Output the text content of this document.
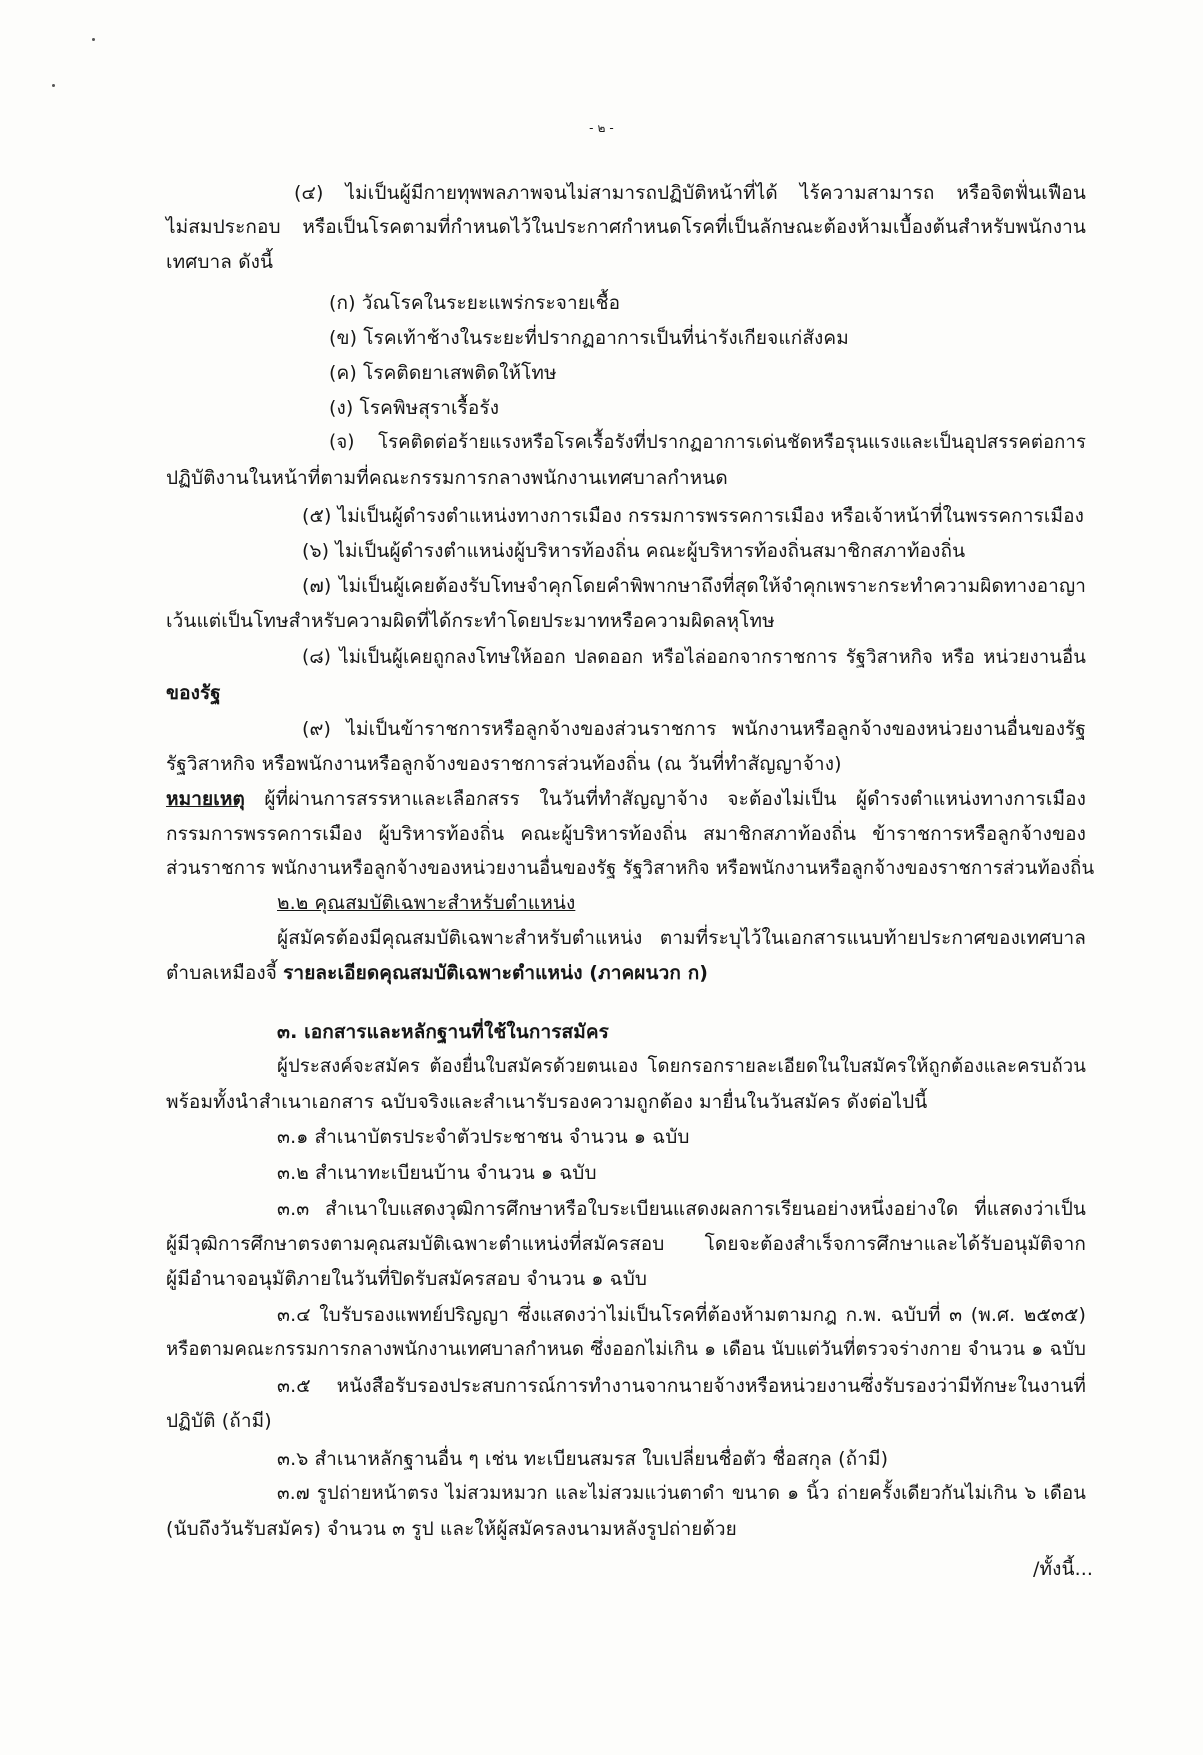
- ๒ -
(๔) ไม่เป็นผู้มีกายทุพพลภาพจนไม่สามารถปฏิบัติหน้าที่ได้ ไร้ความสามารถ หรือจิตฟั่นเฟือน
ไม่สมประกอบ หรือเป็นโรคตามที่กำหนดไว้ในประกาศกำหนดโรคที่เป็นลักษณะต้องห้ามเบื้องต้นสำหรับพนักงาน
เทศบาล ดังนี้
(ก) วัณโรคในระยะแพร่กระจายเชื้อ
(ข) โรคเท้าช้างในระยะที่ปรากฏอาการเป็นที่น่ารังเกียจแก่สังคม
(ค) โรคติดยาเสพติดให้โทษ
(ง) โรคพิษสุราเรื้อรัง
(จ) โรคติดต่อร้ายแรงหรือโรคเรื้อรังที่ปรากฏอาการเด่นชัดหรือรุนแรงและเป็นอุปสรรคต่อการ
ปฏิบัติงานในหน้าที่ตามที่คณะกรรมการกลางพนักงานเทศบาลกำหนด
(๕) ไม่เป็นผู้ดำรงตำแหน่งทางการเมือง กรรมการพรรคการเมือง หรือเจ้าหน้าที่ในพรรคการเมือง
(๖) ไม่เป็นผู้ดำรงตำแหน่งผู้บริหารท้องถิ่น คณะผู้บริหารท้องถิ่นสมาชิกสภาท้องถิ่น
(๗) ไม่เป็นผู้เคยต้องรับโทษจำคุกโดยคำพิพากษาถึงที่สุดให้จำคุกเพราะกระทำความผิดทางอาญา
เว้นแต่เป็นโทษสำหรับความผิดที่ได้กระทำโดยประมาทหรือความผิดลหุโทษ
(๘) ไม่เป็นผู้เคยถูกลงโทษให้ออก ปลดออก หรือไล่ออกจากราชการ รัฐวิสาหกิจ หรือ หน่วยงานอื่น
ของรัฐ
(๙) ไม่เป็นข้าราชการหรือลูกจ้างของส่วนราชการ พนักงานหรือลูกจ้างของหน่วยงานอื่นของรัฐ
รัฐวิสาหกิจ หรือพนักงานหรือลูกจ้างของราชการส่วนท้องถิ่น (ณ วันที่ทำสัญญาจ้าง)
หมายเหตุ ผู้ที่ผ่านการสรรหาและเลือกสรร ในวันที่ทำสัญญาจ้าง จะต้องไม่เป็น ผู้ดำรงตำแหน่งทางการเมือง
กรรมการพรรคการเมือง ผู้บริหารท้องถิ่น คณะผู้บริหารท้องถิ่น สมาชิกสภาท้องถิ่น ข้าราชการหรือลูกจ้างของ
ส่วนราชการ พนักงานหรือลูกจ้างของหน่วยงานอื่นของรัฐ รัฐวิสาหกิจ หรือพนักงานหรือลูกจ้างของราชการส่วนท้องถิ่น
๒.๒ คุณสมบัติเฉพาะสำหรับตำแหน่ง
ผู้สมัครต้องมีคุณสมบัติเฉพาะสำหรับตำแหน่ง ตามที่ระบุไว้ในเอกสารแนบท้ายประกาศของเทศบาล
ตำบลเหมืองจี้ รายละเอียดคุณสมบัติเฉพาะตำแหน่ง (ภาคผนวก ก)
๓. เอกสารและหลักฐานที่ใช้ในการสมัคร
ผู้ประสงค์จะสมัคร ต้องยื่นใบสมัครด้วยตนเอง โดยกรอกรายละเอียดในใบสมัครให้ถูกต้องและครบถ้วน
พร้อมทั้งนำสำเนาเอกสาร ฉบับจริงและสำเนารับรองความถูกต้อง มายื่นในวันสมัคร ดังต่อไปนี้
๓.๑ สำเนาบัตรประจำตัวประชาชน จำนวน ๑ ฉบับ
๓.๒ สำเนาทะเบียนบ้าน จำนวน ๑ ฉบับ
๓.๓ สำเนาใบแสดงวุฒิการศึกษาหรือใบระเบียนแสดงผลการเรียนอย่างหนึ่งอย่างใด ที่แสดงว่าเป็น
ผู้มีวุฒิการศึกษาตรงตามคุณสมบัติเฉพาะตำแหน่งที่สมัครสอบ โดยจะต้องสำเร็จการศึกษาและได้รับอนุมัติจาก
ผู้มีอำนาจอนุมัติภายในวันที่ปิดรับสมัครสอบ จำนวน ๑ ฉบับ
๓.๔ ใบรับรองแพทย์ปริญญา ซึ่งแสดงว่าไม่เป็นโรคที่ต้องห้ามตามกฎ ก.พ. ฉบับที่ ๓ (พ.ศ. ๒๕๓๕)
หรือตามคณะกรรมการกลางพนักงานเทศบาลกำหนด ซึ่งออกไม่เกิน ๑ เดือน นับแต่วันที่ตรวจร่างกาย จำนวน ๑ ฉบับ
๓.๕ หนังสือรับรองประสบการณ์การทำงานจากนายจ้างหรือหน่วยงานซึ่งรับรองว่ามีทักษะในงานที่
ปฏิบัติ (ถ้ามี)
๓.๖ สำเนาหลักฐานอื่น ๆ เช่น ทะเบียนสมรส ใบเปลี่ยนชื่อตัว ชื่อสกุล (ถ้ามี)
๓.๗ รูปถ่ายหน้าตรง ไม่สวมหมวก และไม่สวมแว่นตาดำ ขนาด ๑ นิ้ว ถ่ายครั้งเดียวกันไม่เกิน ๖ เดือน
(นับถึงวันรับสมัคร) จำนวน ๓ รูป และให้ผู้สมัครลงนามหลังรูปถ่ายด้วย
/ทั้งนี้...
